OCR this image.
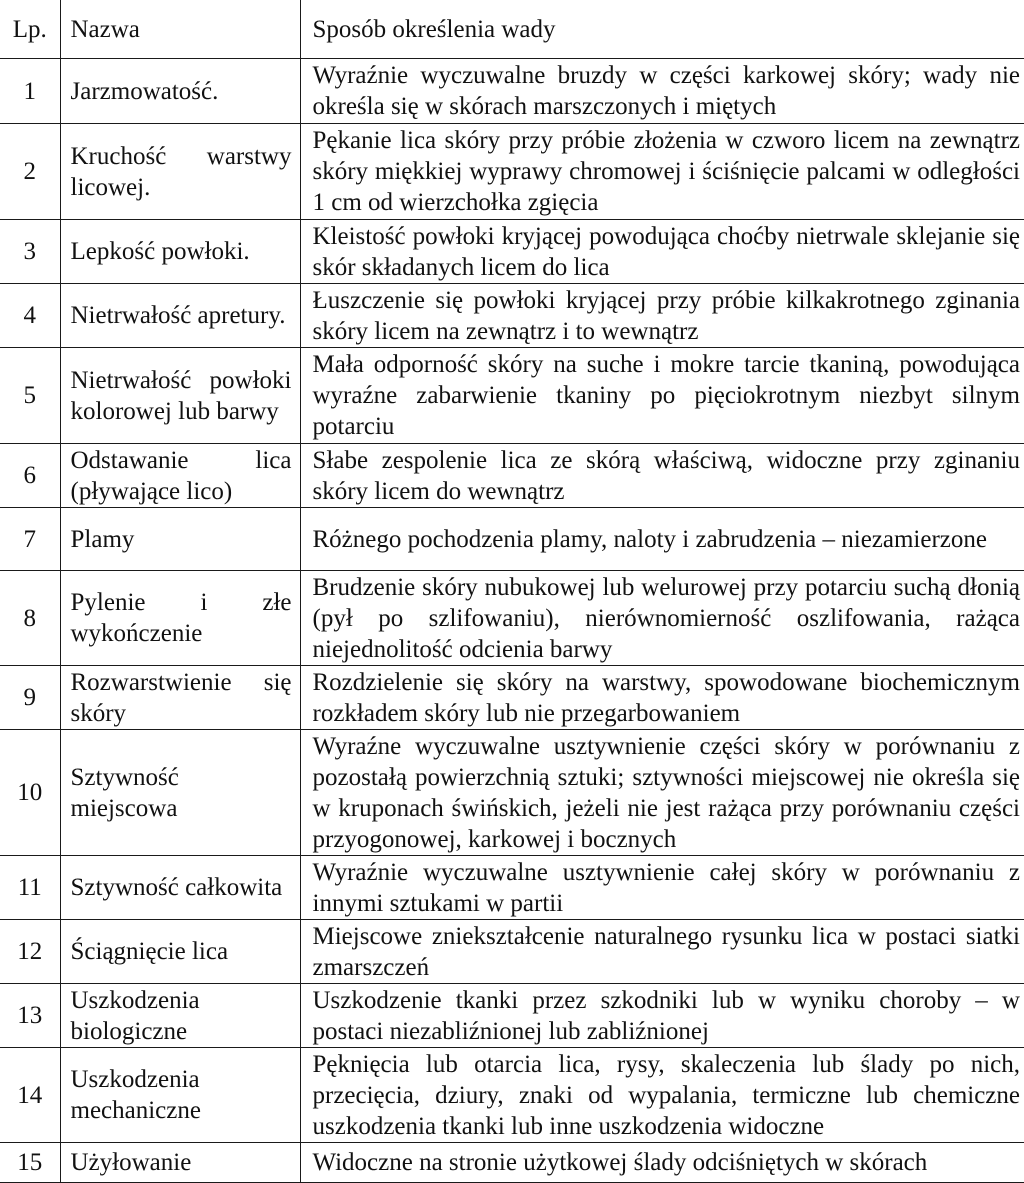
Lp.	Nazwa	Sposób określenia wady
1	Jarzmowatość.	Wyraźnie wyczuwalne bruzdy w części karkowej skóry; wady nie określa się w skórach marszczonych i miętych
2	Kruchość warstwy licowej.	Pękanie lica skóry przy próbie złożenia w czworo licem na zewnątrz skóry miękkiej wyprawy chromowej i ściśnięcie palcami w odległości 1 cm od wierzchołka zgięcia
3	Lepkość powłoki.	Kleistość powłoki kryjącej powodująca choćby nietrwale sklejanie się skór składanych licem do lica
4	Nietrwałość apretury.	Łuszczenie się powłoki kryjącej przy próbie kilkakrotnego zginania skóry licem na zewnątrz i to wewnątrz
5	Nietrwałość powłoki kolorowej lub barwy	Mała odporność skóry na suche i mokre tarcie tkaniną, powodująca wyraźne zabarwienie tkaniny po pięciokrotnym niezbyt silnym potarciu
6	Odstawanie lica (pływające lico)	Słabe zespolenie lica ze skórą właściwą, widoczne przy zginaniu skóry licem do wewnątrz
7	Plamy	Różnego pochodzenia plamy, naloty i zabrudzenia – niezamierzone
8	Pylenie i złe wykończenie	Brudzenie skóry nubukowej lub welurowej przy potarciu suchą dłonią (pył po szlifowaniu), nierównomierność oszlifowania, rażąca niejednolitość odcienia barwy
9	Rozwarstwienie się skóry	Rozdzielenie się skóry na warstwy, spowodowane biochemicznym rozkładem skóry lub nie przegarbowaniem
10	Sztywność miejscowa	Wyraźne wyczuwalne usztywnienie części skóry w porównaniu z pozostałą powierzchnią sztuki; sztywności miejscowej nie określa się w kruponach świńskich, jeżeli nie jest rażąca przy porównaniu części przyogonowej, karkowej i bocznych
11	Sztywność całkowita	Wyraźnie wyczuwalne usztywnienie całej skóry w porównaniu z innymi sztukami w partii
12	Ściągnięcie lica	Miejscowe zniekształcenie naturalnego rysunku lica w postaci siatki zmarszczeń
13	Uszkodzenia biologiczne	Uszkodzenie tkanki przez szkodniki lub w wyniku choroby – w postaci niezabliźnionej lub zabliźnionej
14	Uszkodzenia mechaniczne	Pęknięcia lub otarcia lica, rysy, skaleczenia lub ślady po nich, przecięcia, dziury, znaki od wypalania, termiczne lub chemiczne uszkodzenia tkanki lub inne uszkodzenia widoczne
15	Użyłowanie	Widoczne na stronie użytkowej ślady odciśniętych w skórach
